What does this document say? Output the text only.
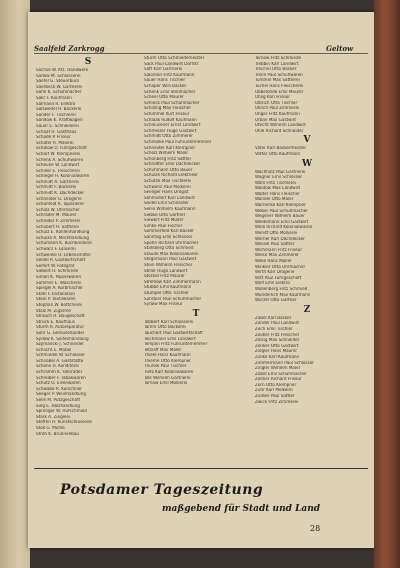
Saalfeld Zarkrogg	Geltow
S
Sachse W. Kfz. Handwerk
Sadow M. Schlosserei
Saefel G. Steuerbüro
Saerbeck W. Gärtnerei
Sahn K. Schuhmacher
Sakr F. Kaufmann
Salmann R. Elektro
Salzwedel H. Bäckerei
Sander F. Tischlerei
Sandow K. Kraftwagen
Sauer E. Schneiderei
Schaaf H. Gasthaus
Schade P. Friseur
Schäfer R. Malerei
Schalow O. Fuhrgeschäft
Scharf W. Klempnerei
Schenk A. Schuhwaren
Scheune W. Landwirt
Schiller E. Fleischerei
Schlegel H. Kolonialwaren
Schmidt A. Gärtnerei
Schmidt F. Bäckerei
Schmidt K. Dachdecker
Schneider G. Drogerie
Schönfeld R. Tapezierer
Scholz W. Uhrmacher
Schrader M. Maurer
Schröder P. Zimmerei
Schubert H. Sattlerei
Schulz E. Kohlenhandlung
Schulze A. Milchhandlung
Schumann K. Buchbinderei
Schwarz F. Glaserei
Schwenke O. Lebensmittel
Seidel R. Gastwirtschaft
Seifert W. Fotograf
Siebert H. Schmiede
Simon K. Papierwaren
Sommer E. Wäscherei
Spiegel A. Korbmacher
Stahl F. Installation
Stein P. Textilwaren
Stephan W. Böttcherei
Stolz M. Zigarren
Strauch H. Baugeschäft
Struck E. Kaufhaus
Sturm R. Autoreparatur
Suhr G. Gemüsehandel
Sydow K. Seifenhandlung
Szymanski J. Schneider
Schlicht E. Möbel
Schmiedel W. Schlosser
Schnabel A. Gaststätte
Schöne H. Konditorei
Schramm K. Fahrräder
Schreiber F. Tabakwaren
Schütz O. Eisenwaren
Schwabe R. Kürschner
Seeger P. Weinhandlung
Selle M. Putzgeschäft
Sieg E. Holzhandlung
Sprenger W. Hufschmied
Stark A. Ziegelei
Steffen H. Kunstschlosserei
Stoll G. Mühle
Stroh K. Brunnenbau
Sturm Otto Schmiedemeister
Sack Paul Landwirt Dorfstr.
Saft Karl Gärtnerei
Salomon Fritz Kaufmann
Sauer Hans Tischler
Schaper Willi Bäcker
Schenk Emil Stellmacher
Scheel Otto Maurer
Schieck Paul Schuhmacher
Schilling Max Fleischer
Schimmel Kurt Friseur
Schlaak Rudolf Kaufmann
Schleusener Ernst Landwirt
Schmelzer Hugo Gastwirt
Schmidt Otto Zimmerer
Schmolke Paul Fuhrunternehmer
Schneider Karl Klempner
Scholz Wilhelm Maler
Schönberg Fritz Sattler
Schrödter Emil Dachdecker
Schuhmann Otto Bauer
Schulze Richard Elektriker
Schütze Max Tischlerei
Schwanz Paul Molkerei
Seeliger Hans Drogist
Sehmsdorf Karl Landwirt
Seidel Emil Schneider
Sellin Wilhelm Kaufmann
Siebke Otto Gärtner
Siewert Fritz Müller
Simke Paul Fischer
Sommerfeld Karl Bäcker
Sonntag Emil Schlosser
Spohn Richard Uhrmacher
Stahlberg Otto Schmied
Staude Max Kolonialwaren
Stegemann Paul Gastwirt
Stein Wilhelm Fleischer
Stiller Hugo Landwirt
Stöckel Fritz Maurer
Strehlow Karl Zimmermann
Stubbe Emil Kaufmann
Stümpel Otto Tischler
Suhrbier Paul Schuhmacher
Sydow Max Friseur
T
Tabbert Karl Schlosserei
Tamm Otto Bäckerei
Tauchert Paul Gastwirtschaft
Teichmann Emil Landwirt
Templin Fritz Fuhrunternehmer
Tetzlaff Max Maler
Thiele Hans Kaufmann
Thieme Otto Klempner
Thurow Paul Tischler
Tietz Karl Kolonialwaren
Tolk Wilhelm Gärtnerei
Tornow Emil Molkerei
Tornow Fritz Schmiede
Trebbin Karl Landwirt
Treichel Otto Bäcker
Trenn Paul Schuhwaren
Tümmel Max Sattlerei
Tuchel Hans Fleischerei
Ubbelohde Emil Maurer
Uhlig Karl Friseur
Ulbrich Otto Tischler
Ullrich Paul Zimmerei
Unger Fritz Kaufmann
Urban Max Gastwirt
Utecht Wilhelm Landwirt
Uhle Richard Schneider
V
Vater Karl Bäckermeister
Vetter Otto Kaufmann
W
Wachholz Paul Gärtnerei
Wagner Emil Schlosser
Wahl Fritz Tischlerei
Waldow Max Landwirt
Walter Hans Fleischer
Wandel Otto Maler
Warnecke Karl Klempner
Weber Paul Schuhmacher
Wegener Wilhelm Bauer
Weidemann Emil Gastwirt
Weiß Richard Kolonialwaren
Wendt Otto Molkerei
Werner Karl Dachdecker
Wessel Paul Sattler
Wichmann Fritz Friseur
Wiese Max Zimmerer
Wilke Hans Müller
Winkler Otto Uhrmacher
Wirth Karl Drogerie
Witt Paul Fuhrgeschäft
Wolf Emil Elektro
Wollenberg Fritz Schmied
Wunderlich Max Kaufmann
Wurzel Otto Gärtner
Z
Zabel Karl Bäcker
Zander Paul Landwirt
Zech Emil Tischler
Zeidler Fritz Fleischer
Zeisig Max Schneider
Zenker Otto Gastwirt
Ziegler Hans Maurer
Zielke Karl Kaufmann
Zimmermann Paul Schlosser
Zingler Wilhelm Maler
Zobel Emil Schuhmacher
Zöllner Richard Friseur
Zorn Otto Klempner
Zuhr Karl Molkerei
Zunker Paul Sattler
Zwick Fritz Zimmerei
Potsdamer Tageszeitung
maßgebend für Stadt und Land
28
